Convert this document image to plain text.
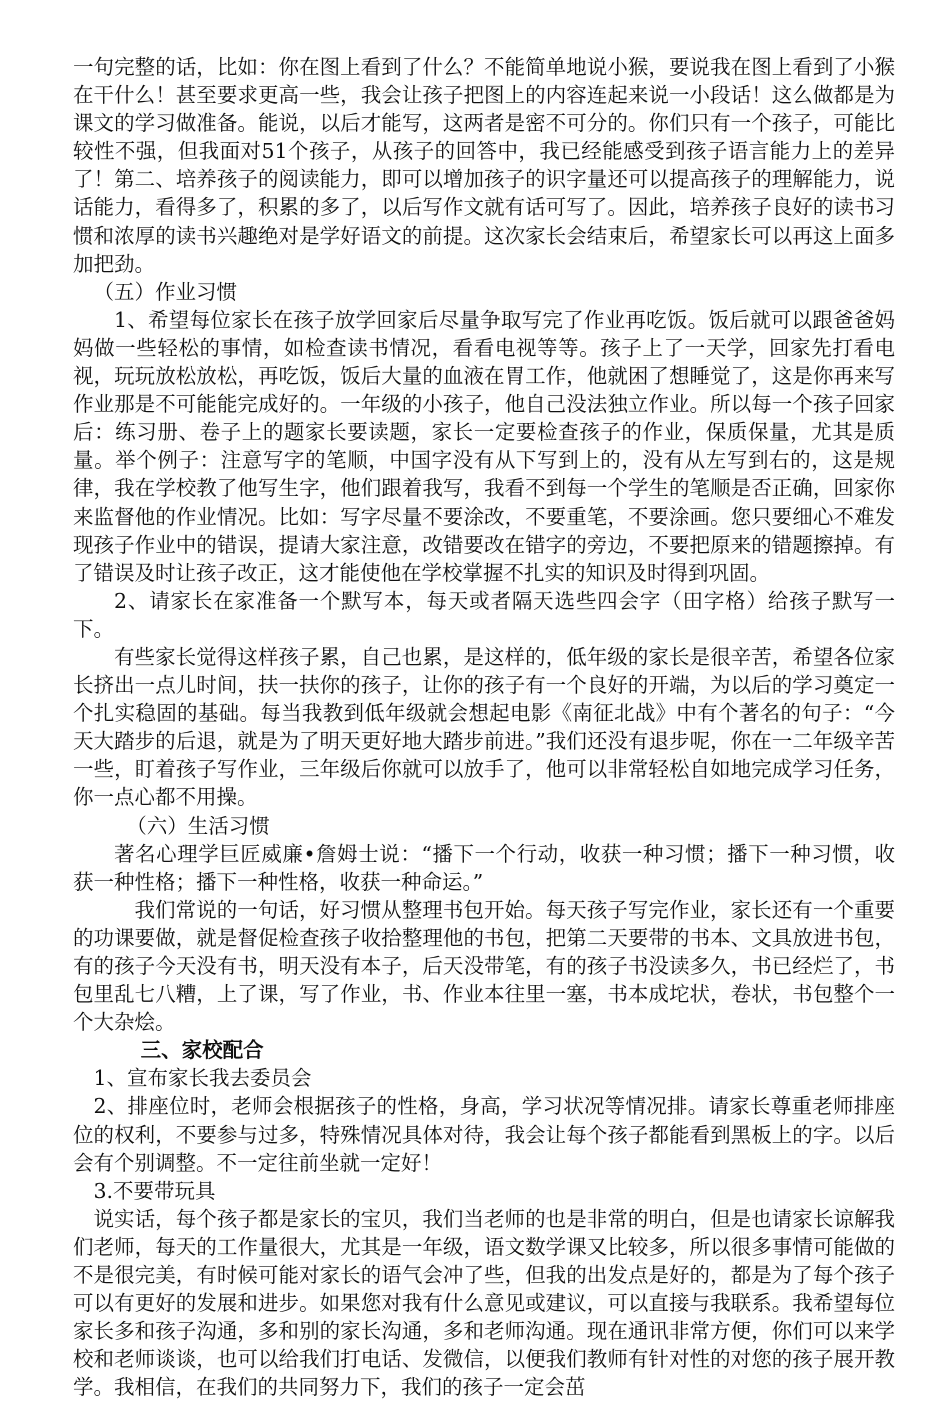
一句完整的话，比如：你在图上看到了什么？不能简单地说小猴，要说我在图上看到了小猴在干什么！甚至要求更高一些，我会让孩子把图上的内容连起来说一小段话！这么做都是为课文的学习做准备。能说，以后才能写，这两者是密不可分的。你们只有一个孩子，可能比较性不强，但我面对51个孩子，从孩子的回答中，我已经能感受到孩子语言能力上的差异了！第二、培养孩子的阅读能力，即可以增加孩子的识字量还可以提高孩子的理解能力，说话能力，看得多了，积累的多了，以后写作文就有话可写了。因此，培养孩子良好的读书习惯和浓厚的读书兴趣绝对是学好语文的前提。这次家长会结束后，希望家长可以再这上面多加把劲。

（五）作业习惯

1、希望每位家长在孩子放学回家后尽量争取写完了作业再吃饭。饭后就可以跟爸爸妈妈做一些轻松的事情，如检查读书情况，看看电视等等。孩子上了一天学，回家先打看电视，玩玩放松放松，再吃饭，饭后大量的血液在胃工作，他就困了想睡觉了，这是你再来写作业那是不可能能完成好的。一年级的小孩子，他自己没法独立作业。所以每一个孩子回家后：练习册、卷子上的题家长要读题，家长一定要检查孩子的作业，保质保量，尤其是质量。举个例子：注意写字的笔顺，中国字没有从下写到上的，没有从左写到右的，这是规律，我在学校教了他写生字，他们跟着我写，我看不到每一个学生的笔顺是否正确，回家你来监督他的作业情况。比如：写字尽量不要涂改，不要重笔，不要涂画。您只要细心不难发现孩子作业中的错误，提请大家注意，改错要改在错字的旁边，不要把原来的错题擦掉。有了错误及时让孩子改正，这才能使他在学校掌握不扎实的知识及时得到巩固。

2、请家长在家准备一个默写本，每天或者隔天选些四会字（田字格）给孩子默写一下。

有些家长觉得这样孩子累，自己也累，是这样的，低年级的家长是很辛苦，希望各位家长挤出一点儿时间，扶一扶你的孩子，让你的孩子有一个良好的开端，为以后的学习奠定一个扎实稳固的基础。每当我教到低年级就会想起电影《南征北战》中有个著名的句子：“今天大踏步的后退，就是为了明天更好地大踏步前进。”我们还没有退步呢，你在一二年级辛苦一些，盯着孩子写作业，三年级后你就可以放手了，他可以非常轻松自如地完成学习任务，你一点心都不用操。

（六）生活习惯

著名心理学巨匠威廉•詹姆士说：“播下一个行动，收获一种习惯；播下一种习惯，收获一种性格；播下一种性格，收获一种命运。”

我们常说的一句话，好习惯从整理书包开始。每天孩子写完作业，家长还有一个重要的功课要做，就是督促检查孩子收拾整理他的书包，把第二天要带的书本、文具放进书包，有的孩子今天没有书，明天没有本子，后天没带笔，有的孩子书没读多久，书已经烂了，书包里乱七八糟，上了课，写了作业，书、作业本往里一塞，书本成坨状，卷状，书包整个一个大杂烩。

三、家校配合

1、宣布家长我去委员会

2、排座位时，老师会根据孩子的性格，身高，学习状况等情况排。请家长尊重老师排座位的权利，不要参与过多，特殊情况具体对待，我会让每个孩子都能看到黑板上的字。以后会有个别调整。不一定往前坐就一定好！

3.不要带玩具

说实话，每个孩子都是家长的宝贝，我们当老师的也是非常的明白，但是也请家长谅解我们老师，每天的工作量很大，尤其是一年级，语文数学课又比较多，所以很多事情可能做的不是很完美，有时候可能对家长的语气会冲了些，但我的出发点是好的，都是为了每个孩子可以有更好的发展和进步。如果您对我有什么意见或建议，可以直接与我联系。我希望每位家长多和孩子沟通，多和别的家长沟通，多和老师沟通。现在通讯非常方便，你们可以来学校和老师谈谈，也可以给我们打电话、发微信，以便我们教师有针对性的对您的孩子展开教学。我相信，在我们的共同努力下，我们的孩子一定会茁
